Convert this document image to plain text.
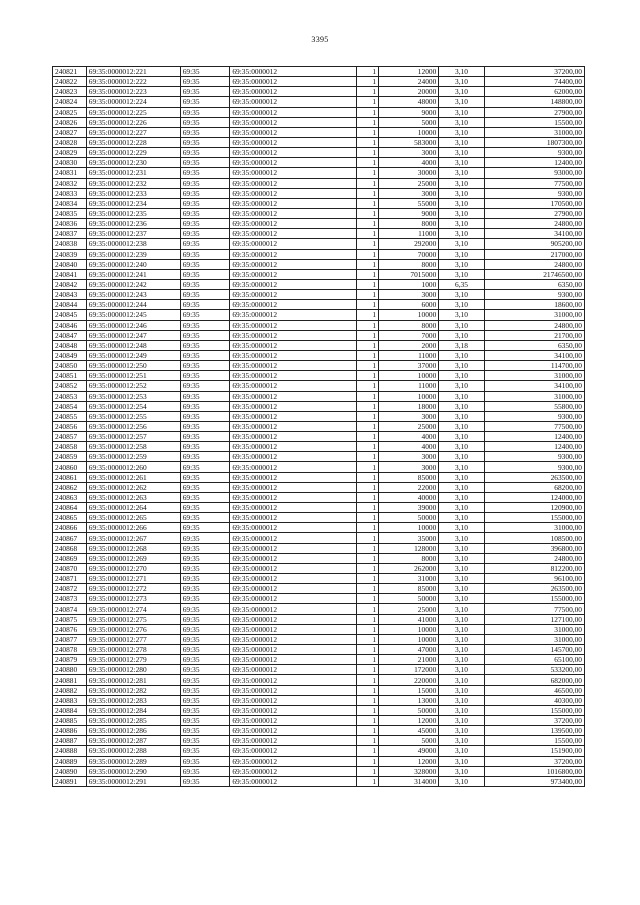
3395
240821	69:35:0000012:221	69:35	69:35:0000012	1	12000	3,10	37200,00
240822	69:35:0000012:222	69:35	69:35:0000012	1	24000	3,10	74400,00
240823	69:35:0000012:223	69:35	69:35:0000012	1	20000	3,10	62000,00
240824	69:35:0000012:224	69:35	69:35:0000012	1	48000	3,10	148800,00
240825	69:35:0000012:225	69:35	69:35:0000012	1	9000	3,10	27900,00
240826	69:35:0000012:226	69:35	69:35:0000012	1	5000	3,10	15500,00
240827	69:35:0000012:227	69:35	69:35:0000012	1	10000	3,10	31000,00
240828	69:35:0000012:228	69:35	69:35:0000012	1	583000	3,10	1807300,00
240829	69:35:0000012:229	69:35	69:35:0000012	1	3000	3,10	9300,00
240830	69:35:0000012:230	69:35	69:35:0000012	1	4000	3,10	12400,00
240831	69:35:0000012:231	69:35	69:35:0000012	1	30000	3,10	93000,00
240832	69:35:0000012:232	69:35	69:35:0000012	1	25000	3,10	77500,00
240833	69:35:0000012:233	69:35	69:35:0000012	1	3000	3,10	9300,00
240834	69:35:0000012:234	69:35	69:35:0000012	1	55000	3,10	170500,00
240835	69:35:0000012:235	69:35	69:35:0000012	1	9000	3,10	27900,00
240836	69:35:0000012:236	69:35	69:35:0000012	1	8000	3,10	24800,00
240837	69:35:0000012:237	69:35	69:35:0000012	1	11000	3,10	34100,00
240838	69:35:0000012:238	69:35	69:35:0000012	1	292000	3,10	905200,00
240839	69:35:0000012:239	69:35	69:35:0000012	1	70000	3,10	217000,00
240840	69:35:0000012:240	69:35	69:35:0000012	1	8000	3,10	24800,00
240841	69:35:0000012:241	69:35	69:35:0000012	1	7015000	3,10	21746500,00
240842	69:35:0000012:242	69:35	69:35:0000012	1	1000	6,35	6350,00
240843	69:35:0000012:243	69:35	69:35:0000012	1	3000	3,10	9300,00
240844	69:35:0000012:244	69:35	69:35:0000012	1	6000	3,10	18600,00
240845	69:35:0000012:245	69:35	69:35:0000012	1	10000	3,10	31000,00
240846	69:35:0000012:246	69:35	69:35:0000012	1	8000	3,10	24800,00
240847	69:35:0000012:247	69:35	69:35:0000012	1	7000	3,10	21700,00
240848	69:35:0000012:248	69:35	69:35:0000012	1	2000	3,18	6350,00
240849	69:35:0000012:249	69:35	69:35:0000012	1	11000	3,10	34100,00
240850	69:35:0000012:250	69:35	69:35:0000012	1	37000	3,10	114700,00
240851	69:35:0000012:251	69:35	69:35:0000012	1	10000	3,10	31000,00
240852	69:35:0000012:252	69:35	69:35:0000012	1	11000	3,10	34100,00
240853	69:35:0000012:253	69:35	69:35:0000012	1	10000	3,10	31000,00
240854	69:35:0000012:254	69:35	69:35:0000012	1	18000	3,10	55800,00
240855	69:35:0000012:255	69:35	69:35:0000012	1	3000	3,10	9300,00
240856	69:35:0000012:256	69:35	69:35:0000012	1	25000	3,10	77500,00
240857	69:35:0000012:257	69:35	69:35:0000012	1	4000	3,10	12400,00
240858	69:35:0000012:258	69:35	69:35:0000012	1	4000	3,10	12400,00
240859	69:35:0000012:259	69:35	69:35:0000012	1	3000	3,10	9300,00
240860	69:35:0000012:260	69:35	69:35:0000012	1	3000	3,10	9300,00
240861	69:35:0000012:261	69:35	69:35:0000012	1	85000	3,10	263500,00
240862	69:35:0000012:262	69:35	69:35:0000012	1	22000	3,10	68200,00
240863	69:35:0000012:263	69:35	69:35:0000012	1	40000	3,10	124000,00
240864	69:35:0000012:264	69:35	69:35:0000012	1	39000	3,10	120900,00
240865	69:35:0000012:265	69:35	69:35:0000012	1	50000	3,10	155000,00
240866	69:35:0000012:266	69:35	69:35:0000012	1	10000	3,10	31000,00
240867	69:35:0000012:267	69:35	69:35:0000012	1	35000	3,10	108500,00
240868	69:35:0000012:268	69:35	69:35:0000012	1	128000	3,10	396800,00
240869	69:35:0000012:269	69:35	69:35:0000012	1	8000	3,10	24800,00
240870	69:35:0000012:270	69:35	69:35:0000012	1	262000	3,10	812200,00
240871	69:35:0000012:271	69:35	69:35:0000012	1	31000	3,10	96100,00
240872	69:35:0000012:272	69:35	69:35:0000012	1	85000	3,10	263500,00
240873	69:35:0000012:273	69:35	69:35:0000012	1	50000	3,10	155000,00
240874	69:35:0000012:274	69:35	69:35:0000012	1	25000	3,10	77500,00
240875	69:35:0000012:275	69:35	69:35:0000012	1	41000	3,10	127100,00
240876	69:35:0000012:276	69:35	69:35:0000012	1	10000	3,10	31000,00
240877	69:35:0000012:277	69:35	69:35:0000012	1	10000	3,10	31000,00
240878	69:35:0000012:278	69:35	69:35:0000012	1	47000	3,10	145700,00
240879	69:35:0000012:279	69:35	69:35:0000012	1	21000	3,10	65100,00
240880	69:35:0000012:280	69:35	69:35:0000012	1	172000	3,10	533200,00
240881	69:35:0000012:281	69:35	69:35:0000012	1	220000	3,10	682000,00
240882	69:35:0000012:282	69:35	69:35:0000012	1	15000	3,10	46500,00
240883	69:35:0000012:283	69:35	69:35:0000012	1	13000	3,10	40300,00
240884	69:35:0000012:284	69:35	69:35:0000012	1	50000	3,10	155000,00
240885	69:35:0000012:285	69:35	69:35:0000012	1	12000	3,10	37200,00
240886	69:35:0000012:286	69:35	69:35:0000012	1	45000	3,10	139500,00
240887	69:35:0000012:287	69:35	69:35:0000012	1	5000	3,10	15500,00
240888	69:35:0000012:288	69:35	69:35:0000012	1	49000	3,10	151900,00
240889	69:35:0000012:289	69:35	69:35:0000012	1	12000	3,10	37200,00
240890	69:35:0000012:290	69:35	69:35:0000012	1	328000	3,10	1016800,00
240891	69:35:0000012:291	69:35	69:35:0000012	1	314000	3,10	973400,00
